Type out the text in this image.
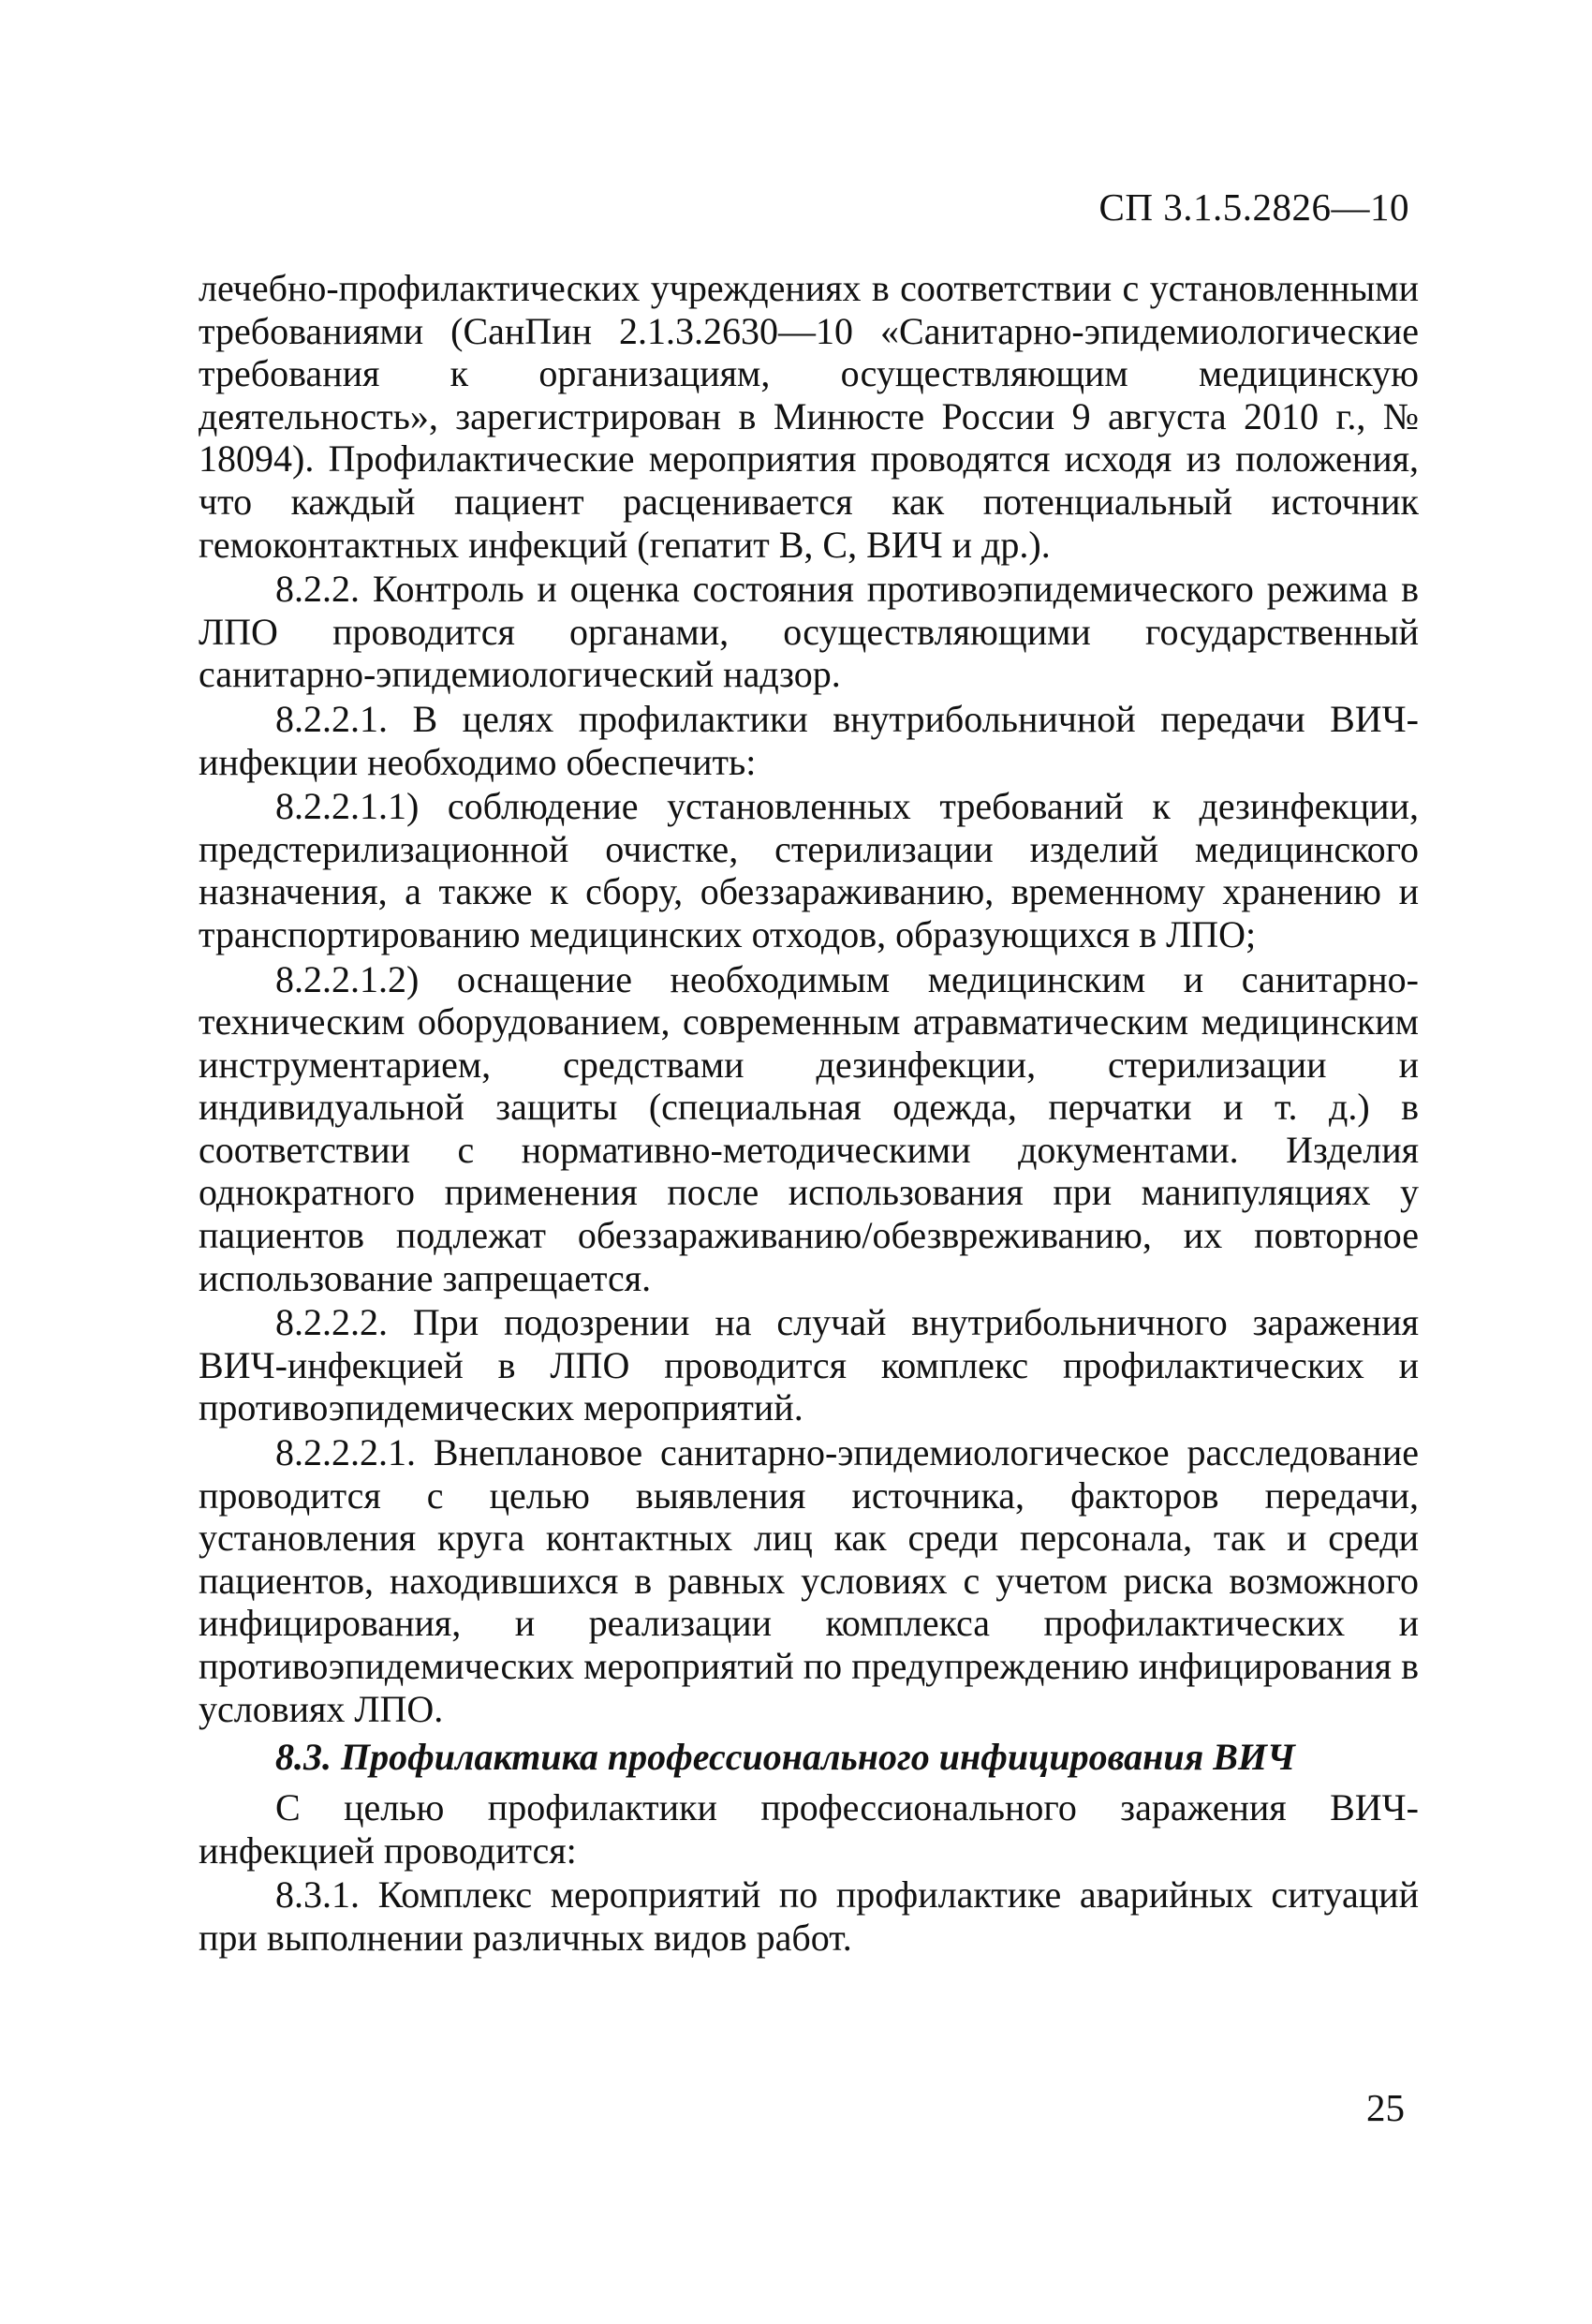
СП 3.1.5.2826—10

лечебно-профилактических учреждениях в соответствии с установленными требованиями (СанПин 2.1.3.2630—10 «Санитарно-эпидемиологические требования к организациям, осуществляющим медицинскую деятельность», зарегистрирован в Минюсте России 9 августа 2010 г., № 18094). Профилактические мероприятия проводятся исходя из положения, что каждый пациент расценивается как потенциальный источник гемоконтактных инфекций (гепатит В, С, ВИЧ и др.).

8.2.2. Контроль и оценка состояния противоэпидемического режима в ЛПО проводится органами, осуществляющими государственный санитарно-эпидемиологический надзор.

8.2.2.1. В целях профилактики внутрибольничной передачи ВИЧ-инфекции необходимо обеспечить:

8.2.2.1.1) соблюдение установленных требований к дезинфекции, предстерилизационной очистке, стерилизации изделий медицинского назначения, а также к сбору, обеззараживанию, временному хранению и транспортированию медицинских отходов, образующихся в ЛПО;

8.2.2.1.2) оснащение необходимым медицинским и санитарно-техническим оборудованием, современным атравматическим медицинским инструментарием, средствами дезинфекции, стерилизации и индивидуальной защиты (специальная одежда, перчатки и т. д.) в соответствии с нормативно-методическими документами. Изделия однократного применения после использования при манипуляциях у пациентов подлежат обеззараживанию/обезвреживанию, их повторное использование запрещается.

8.2.2.2. При подозрении на случай внутрибольничного заражения ВИЧ-инфекцией в ЛПО проводится комплекс профилактических и противоэпидемических мероприятий.

8.2.2.2.1. Внеплановое санитарно-эпидемиологическое расследование проводится с целью выявления источника, факторов передачи, установления круга контактных лиц как среди персонала, так и среди пациентов, находившихся в равных условиях с учетом риска возможного инфицирования, и реализации комплекса профилактических и противоэпидемических мероприятий по предупреждению инфицирования в условиях ЛПО.

8.3. Профилактика профессионального инфицирования ВИЧ

С целью профилактики профессионального заражения ВИЧ-инфекцией проводится:

8.3.1. Комплекс мероприятий по профилактике аварийных ситуаций при выполнении различных видов работ.

25
